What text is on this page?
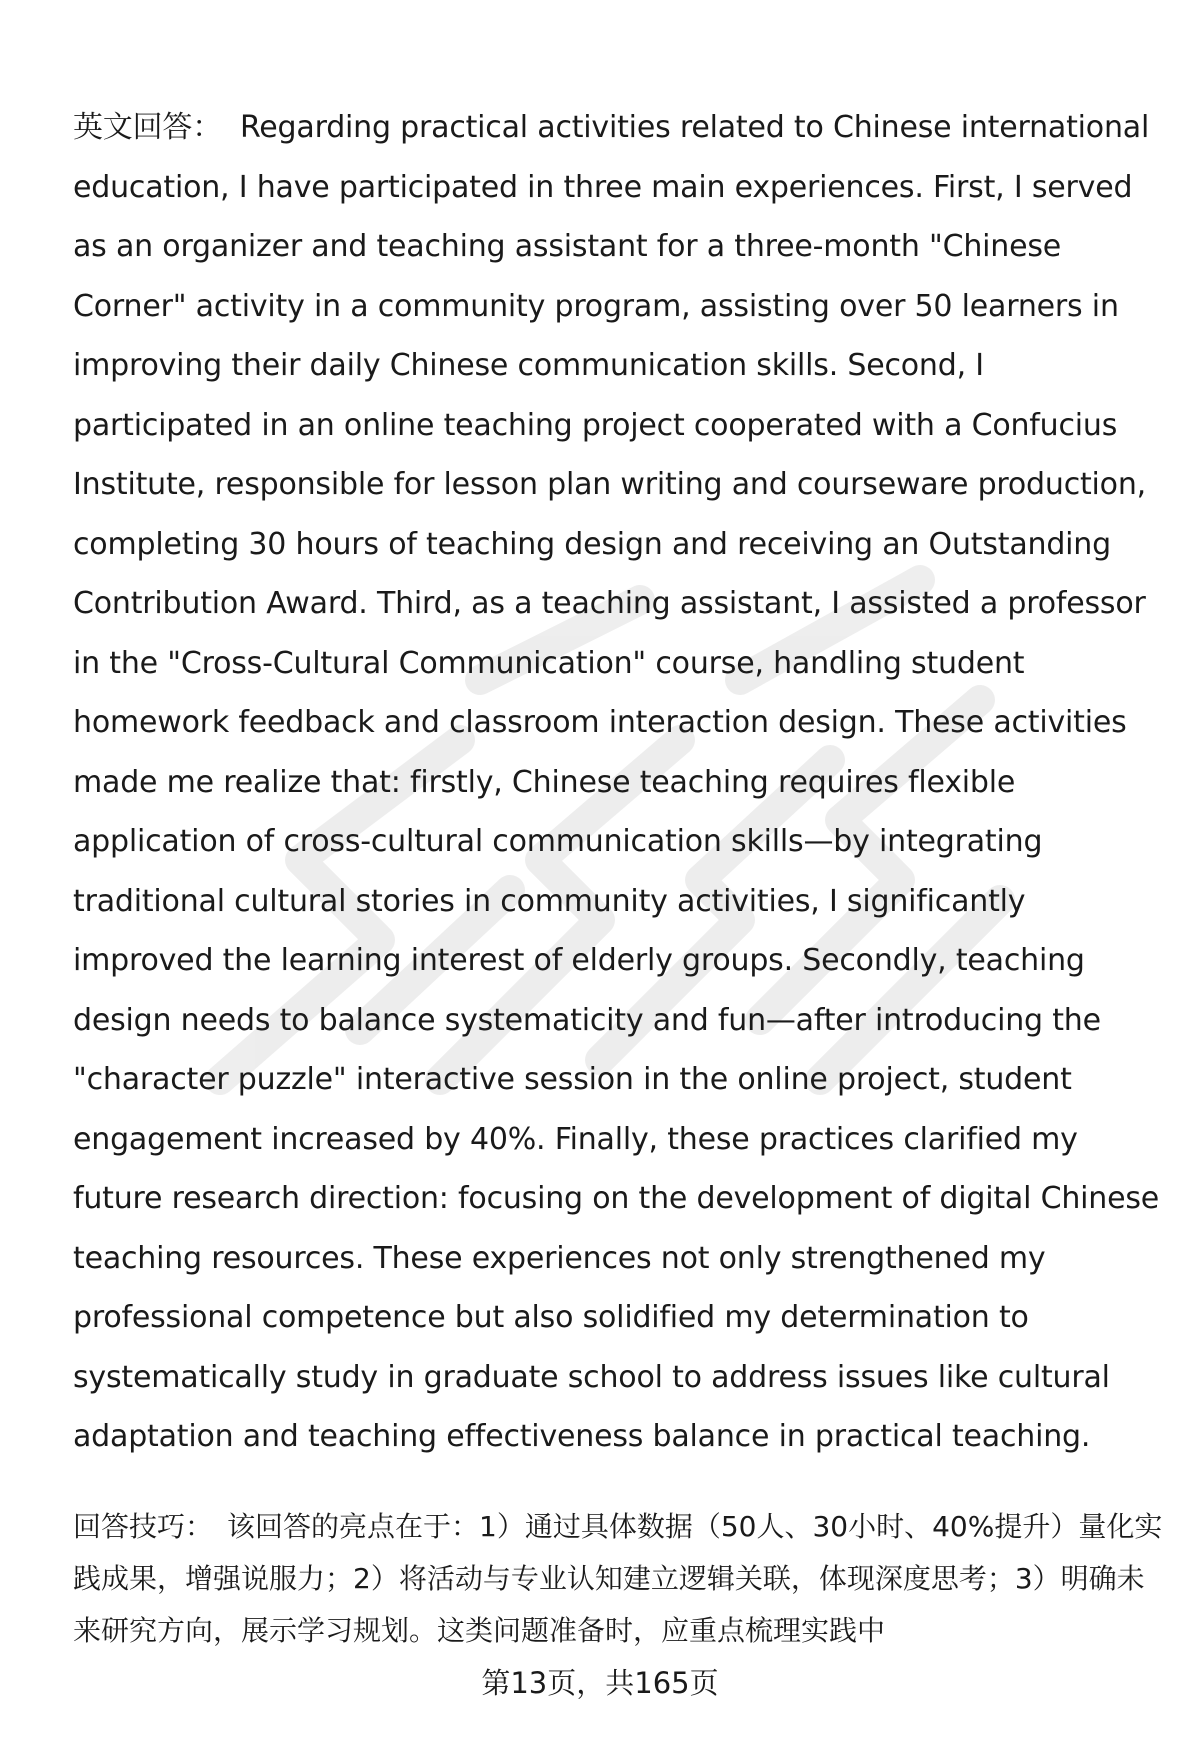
英文回答： Regarding practical activities related to Chinese international education, I have participated in three main experiences. First, I served as an organizer and teaching assistant for a three-month "Chinese Corner" activity in a community program, assisting over 50 learners in improving their daily Chinese communication skills. Second, I participated in an online teaching project cooperated with a Confucius Institute, responsible for lesson plan writing and courseware production, completing 30 hours of teaching design and receiving an Outstanding Contribution Award. Third, as a teaching assistant, I assisted a professor in the "Cross-Cultural Communication" course, handling student homework feedback and classroom interaction design. These activities made me realize that: firstly, Chinese teaching requires flexible application of cross-cultural communication skills—by integrating traditional cultural stories in community activities, I significantly improved the learning interest of elderly groups. Secondly, teaching design needs to balance systematicity and fun—after introducing the "character puzzle" interactive session in the online project, student engagement increased by 40%. Finally, these practices clarified my future research direction: focusing on the development of digital Chinese teaching resources. These experiences not only strengthened my professional competence but also solidified my determination to systematically study in graduate school to address issues like cultural adaptation and teaching effectiveness balance in practical teaching.

回答技巧： 该回答的亮点在于：1）通过具体数据（50人、30小时、40%提升）量化实践成果，增强说服力；2）将活动与专业认知建立逻辑关联，体现深度思考；3）明确未来研究方向，展示学习规划。这类问题准备时，应重点梳理实践中

第13页，共165页
